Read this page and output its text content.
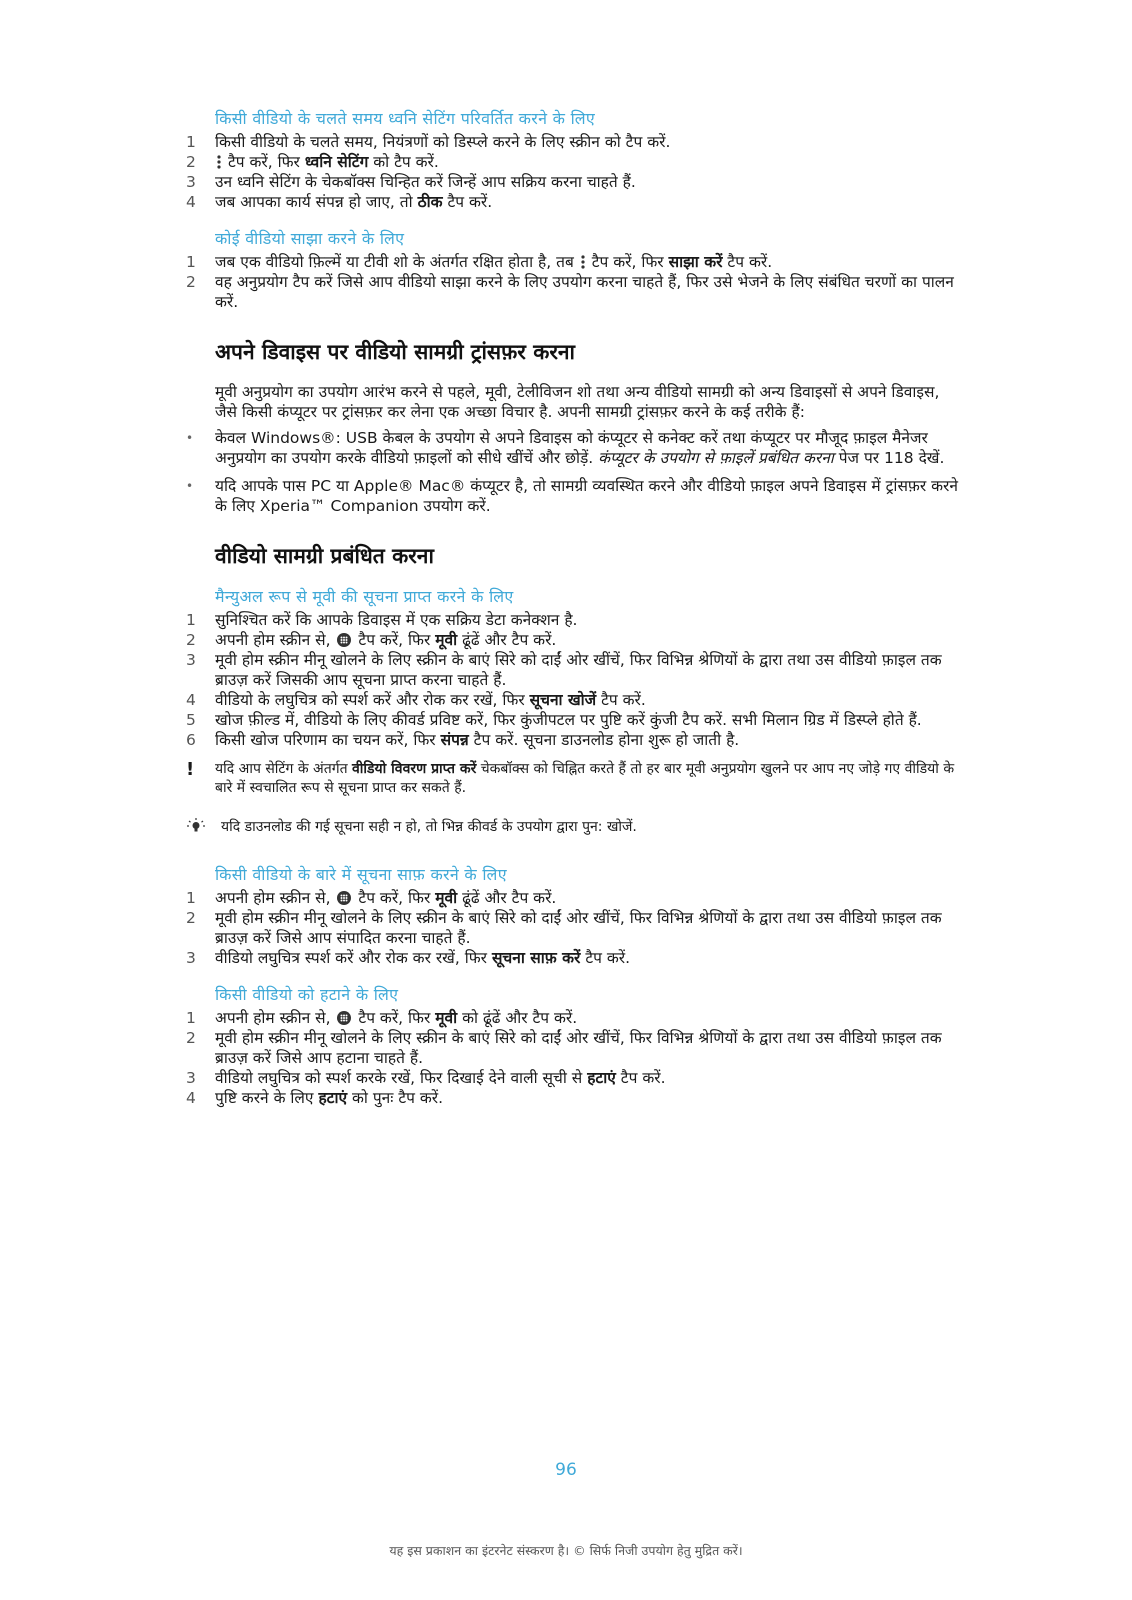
किसी वीडियो के चलते समय ध्वनि सेटिंग परिवर्तित करने के लिए
1	किसी वीडियो के चलते समय, नियंत्रणों को डिस्प्ले करने के लिए स्क्रीन को टैप करें.
2	टैप करें, फिर ध्वनि सेटिंग को टैप करें.
3	उन ध्वनि सेटिंग के चेकबॉक्स चिन्हित करें जिन्हें आप सक्रिय करना चाहते हैं.
4	जब आपका कार्य संपन्न हो जाए, तो ठीक टैप करें.
कोई वीडियो साझा करने के लिए
1	जब एक वीडियो फ़िल्में या टीवी शो के अंतर्गत रक्षित होता है, तब टैप करें, फिर साझा करें टैप करें.
2	वह अनुप्रयोग टैप करें जिसे आप वीडियो साझा करने के लिए उपयोग करना चाहते हैं, फिर उसे भेजने के लिए संबंधित चरणों का पालन करें.
अपने डिवाइस पर वीडियो सामग्री ट्रांसफ़र करना
मूवी अनुप्रयोग का उपयोग आरंभ करने से पहले, मूवी, टेलीविजन शो तथा अन्य वीडियो सामग्री को अन्य डिवाइसों से अपने डिवाइस, जैसे किसी कंप्यूटर पर ट्रांसफ़र कर लेना एक अच्छा विचार है. अपनी सामग्री ट्रांसफ़र करने के कई तरीके हैं:
•	केवल Windows®: USB केबल के उपयोग से अपने डिवाइस को कंप्यूटर से कनेक्ट करें तथा कंप्यूटर पर मौजूद फ़ाइल मैनेजर अनुप्रयोग का उपयोग करके वीडियो फ़ाइलों को सीधे खींचें और छोड़ें. कंप्यूटर के उपयोग से फ़ाइलें प्रबंधित करना पेज पर 118 देखें.
•	यदि आपके पास PC या Apple® Mac® कंप्यूटर है, तो सामग्री व्यवस्थित करने और वीडियो फ़ाइल अपने डिवाइस में ट्रांसफ़र करने के लिए Xperia™ Companion उपयोग करें.
वीडियो सामग्री प्रबंधित करना
मैन्युअल रूप से मूवी की सूचना प्राप्त करने के लिए
1	सुनिश्चित करें कि आपके डिवाइस में एक सक्रिय डेटा कनेक्शन है.
2	अपनी होम स्क्रीन से, टैप करें, फिर मूवी ढूंढें और टैप करें.
3	मूवी होम स्क्रीन मीनू खोलने के लिए स्क्रीन के बाएं सिरे को दाईं ओर खींचें, फिर विभिन्न श्रेणियों के द्वारा तथा उस वीडियो फ़ाइल तक ब्राउज़ करें जिसकी आप सूचना प्राप्त करना चाहते हैं.
4	वीडियो के लघुचित्र को स्पर्श करें और रोक कर रखें, फिर सूचना खोजें टैप करें.
5	खोज फ़ील्ड में, वीडियो के लिए कीवर्ड प्रविष्ट करें, फिर कुंजीपटल पर पुष्टि करें कुंजी टैप करें. सभी मिलान ग्रिड में डिस्प्ले होते हैं.
6	किसी खोज परिणाम का चयन करें, फिर संपन्न टैप करें. सूचना डाउनलोड होना शुरू हो जाती है.
!	यदि आप सेटिंग के अंतर्गत वीडियो विवरण प्राप्त करें चेकबॉक्स को चिह्नित करते हैं तो हर बार मूवी अनुप्रयोग खुलने पर आप नए जोड़े गए वीडियो के बारे में स्वचालित रूप से सूचना प्राप्त कर सकते हैं.
यदि डाउनलोड की गई सूचना सही न हो, तो भिन्न कीवर्ड के उपयोग द्वारा पुन: खोजें.
किसी वीडियो के बारे में सूचना साफ़ करने के लिए
1	अपनी होम स्क्रीन से, टैप करें, फिर मूवी ढूंढें और टैप करें.
2	मूवी होम स्क्रीन मीनू खोलने के लिए स्क्रीन के बाएं सिरे को दाईं ओर खींचें, फिर विभिन्न श्रेणियों के द्वारा तथा उस वीडियो फ़ाइल तक ब्राउज़ करें जिसे आप संपादित करना चाहते हैं.
3	वीडियो लघुचित्र स्पर्श करें और रोक कर रखें, फिर सूचना साफ़ करें टैप करें.
किसी वीडियो को हटाने के लिए
1	अपनी होम स्क्रीन से, टैप करें, फिर मूवी को ढूंढें और टैप करें.
2	मूवी होम स्क्रीन मीनू खोलने के लिए स्क्रीन के बाएं सिरे को दाईं ओर खींचें, फिर विभिन्न श्रेणियों के द्वारा तथा उस वीडियो फ़ाइल तक ब्राउज़ करें जिसे आप हटाना चाहते हैं.
3	वीडियो लघुचित्र को स्पर्श करके रखें, फिर दिखाई देने वाली सूची से हटाएं टैप करें.
4	पुष्टि करने के लिए हटाएं को पुनः टैप करें.
96
यह इस प्रकाशन का इंटरनेट संस्करण है। © सिर्फ निजी उपयोग हेतु मुद्रित करें।
